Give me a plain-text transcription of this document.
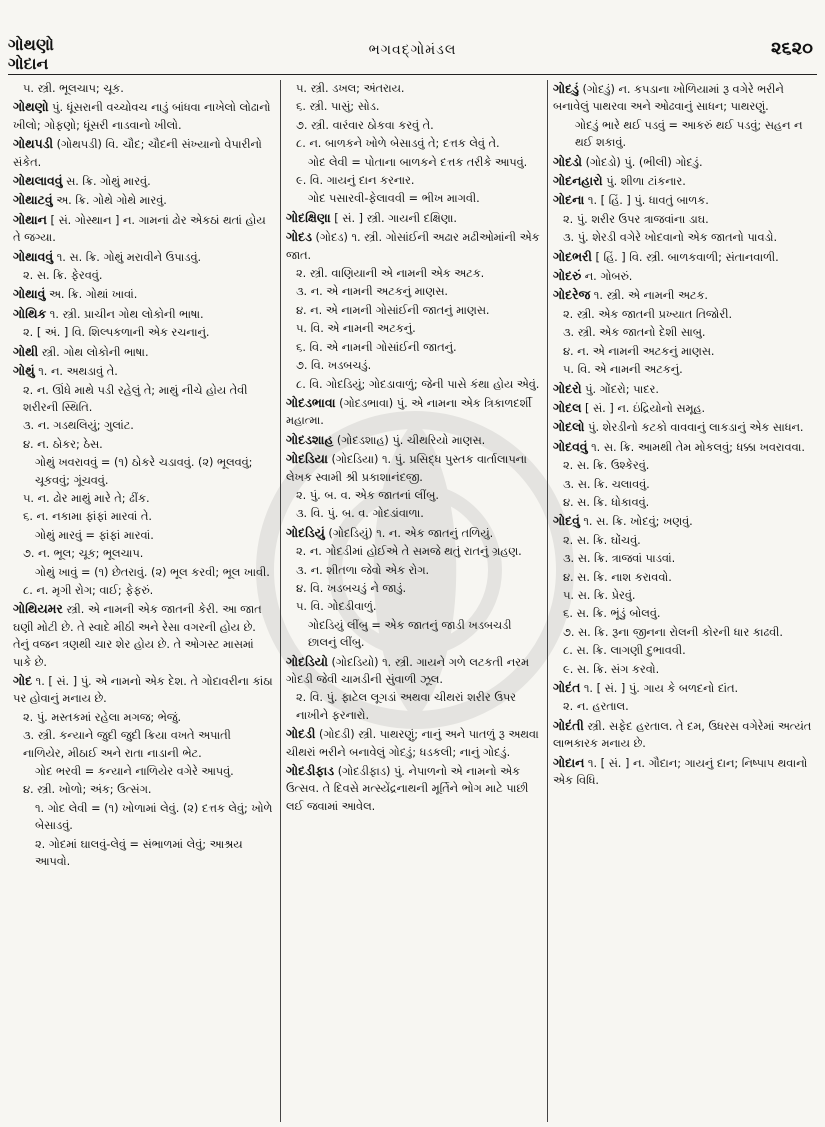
ગોથણો
ગોદાન
ભગવદ્ગોમંડલ	૨૬૨૦
૫. સ્ત્રી. ભૂલચાપ; ચૂક.
ગોથણો પું. ધૂંસરાની વચ્ચોવચ નાડું બાંધવા નાખેલો લોઢાનો ખીલો; ગોફણો; ધૂંસરી નાડવાનો ખીલો.
ગોથપડી (ગોથપડી) વિ. ચૌદ; ચૌદની સંખ્યાનો વેપારીનો સંકેત.
ગોથલાવવું સ. ક્રિ. ગોથું મારવું.
ગોથાટવું અ. ક્રિ. ગોથે ગોથે મારવું.
ગોથાન [ સં. ગોસ્થાન ] ન. ગામનાં ઢોર એકઠાં થતાં હોય તે જગ્યા.
ગોથાવવું ૧. સ. ક્રિ. ગોથું મરાવીને ઉપાડવું.
૨. સ. ક્રિ. ફેરવવું.
ગોથાવું અ. ક્રિ. ગોથાં ખાવાં.
ગોથિક ૧. સ્ત્રી. પ્રાચીન ગોથ લોકોની ભાષા.
૨. [ અં. ] વિ. શિલ્પકળાની એક રચનાનું.
ગોથી સ્ત્રી. ગોથ લોકોની ભાષા.
ગોથું ૧. ન. અથડાવું તે.
૨. ન. ઊંધે માથે પડી રહેલું તે; માથું નીચે હોય તેવી શરીરની સ્થિતિ.
૩. ન. ગડથલિયું; ગુલાંટ.
૪. ન. ઠોકર; ઠેસ.
ગોથું ખવરાવવું = (૧) ઠોકરે ચડાવવું. (૨) ભૂલવવું; ચૂકવવું; ગૂંચવવું.
૫. ન. ઢોર માથું મારે તે; ઢીંક.
૬. ન. નકામા ફાંફાં મારવાં તે.
ગોથું મારવું = ફાંફાં મારવાં.
૭. ન. ભૂલ; ચૂક; ભૂલચાપ.
ગોથું ખાવું = (૧) છેતરાવું. (૨) ભૂલ કરવી; ભૂલ ખાવી.
૮. ન. મૃગી રોગ; વાઈ; ફેફરું.
ગોથિયમર સ્ત્રી. એ નામની એક જાતની કેરી. આ જાત ઘણી મોટી છે. તે સ્વાદે મીઠી અને રેસા વગરની હોય છે. તેનું વજન ત્રણથી ચાર શેર હોય છે. તે ઓગસ્ટ માસમાં પાકે છે.
ગોદ ૧. [ સં. ] પું. એ નામનો એક દેશ. તે ગોદાવરીના કાંઠા પર હોવાનું મનાય છે.
૨. પું. મસ્તકમાં રહેલા મગજ; ભેજું.
૩. સ્ત્રી. કન્યાને જુદી જુદી ક્રિયા વખતે અપાતી નાળિયેર, મીઠાઈ અને રાતા નાડાની ભેટ.
ગોદ ભરવી = કન્યાને નાળિયેર વગેરે આપવું.
૪. સ્ત્રી. ખોળો; અંક; ઉત્સંગ.
૧. ગોદ લેવી = (૧) ખોળામાં લેવું. (૨) દત્તક લેવું; ખોળે બેસાડવું.
૨. ગોદમાં ઘાલવું-લેવું = સંભાળમાં લેવું; આશ્રય આપવો.
૫. સ્ત્રી. ડખલ; અંતરાય.
૬. સ્ત્રી. પાસું; સોડ.
૭. સ્ત્રી. વારંવાર ઠોકવા કરવું તે.
૮. ન. બાળકને ખોળે બેસાડવું તે; દત્તક લેવું તે.
ગોદ લેવી = પોતાના બાળકને દત્તક તરીકે આપવું.
૯. વિ. ગાયનું દાન કરનાર.
ગોદ પસારવી-ફેલાવવી = ભીખ માગવી.
ગોદક્ષિણા [ સં. ] સ્ત્રી. ગાયની દક્ષિણા.
ગોદડ (ગોદડ) ૧. સ્ત્રી. ગોસાંઈની અઢાર મઢીઓમાંની એક જાત.
૨. સ્ત્રી. વાણિયાની એ નામની એક અટક.
૩. ન. એ નામની અટકનું માણસ.
૪. ન. એ નામની ગોસાંઈની જાતનું માણસ.
૫. વિ. એ નામની અટકનું.
૬. વિ. એ નામની ગોસાંઈની જાતનું.
૭. વિ. ખડબચડું.
૮. વિ. ગોદડિયું; ગોદડાવાળું; જેની પાસે કંથા હોય એવું.
ગોદડભાવા (ગોદડભાવા) પું. એ નામના એક ત્રિકાળદર્શી મહાત્મા.
ગોદડશાહ (ગોદડશાહ) પું. ચીથરિયો માણસ.
ગોદડિયા (ગોદડિયા) ૧. પું. પ્રસિદ્ધ પુસ્તક વાર્તાલાપના લેખક સ્વામી શ્રી પ્રકાશાનંદજી.
૨. પું. બ. વ. એક જાતનાં લીંબુ.
૩. વિ. પું. બ. વ. ગોદડાંવાળા.
ગોદડિયું (ગોદડિયું) ૧. ન. એક જાતનું તળિયું.
૨. ન. ગોદડીમાં હોઈએ તે સમજે થતું રાતનું ગ્રહણ.
૩. ન. શીતળા જેવો એક રોગ.
૪. વિ. ખડબચડું ને જાડું.
૫. વિ. ગોદડીવાળું.
ગોદડિયું લીંબુ = એક જાતનું જાડી ખડબચડી છાલનું લીંબુ.
ગોદડિયો (ગોદડિયો) ૧. સ્ત્રી. ગાયને ગળે લટકતી નરમ ગોદડી જેવી ચામડીની સુંવાળી ઝૂલ.
૨. વિ. પું. ફાટેલ લૂગડાં અથવા ચીથરાં શરીર ઉપર નાખીને ફરનારો.
ગોદડી (ગોદડી) સ્ત્રી. પાથરણું; નાનું અને પાતળું રૂ અથવા ચીથરાં ભરીને બનાવેલું ગોદડું; ધડકલી; નાનું ગોદડું.
ગોદડીફાડ (ગોદડીફાડ) પું. નેપાળનો એ નામનો એક ઉત્સવ. તે દિવસે મત્સ્યેંદ્રનાથની મૂર્તિને ભોગ માટે પાછી લઈ જવામાં આવેલ.
ગોદડું (ગોદડું) ન. કપડાના ખોળિયામાં રૂ વગેરે ભરીને બનાવેલું પાથરવા અને ઓઢવાનું સાધન; પાથરણું.
ગોદડું ભારે થઈ પડવું = આકરું થઈ પડવું; સહન ન થઈ શકાવું.
ગોદડો (ગોદડો) પું. (ભીલી) ગોદડું.
ગોદનહારો પું. શીળા ટાંકનાર.
ગોદના ૧. [ હિં. ] પું. ધાવતું બાળક.
૨. પું. શરીર ઉપર ત્રાજવાંના ડાઘ.
૩. પું. શેરડી વગેરે ખોદવાનો એક જાતનો પાવડો.
ગોદભરી [ હિં. ] વિ. સ્ત્રી. બાળકવાળી; સંતાનવાળી.
ગોદરું ન. ગોબરું.
ગોદરેજ ૧. સ્ત્રી. એ નામની અટક.
૨. સ્ત્રી. એક જાતની પ્રખ્યાત તિજોરી.
૩. સ્ત્રી. એક જાતનો દેશી સાબુ.
૪. ન. એ નામની અટકનું માણસ.
૫. વિ. એ નામની અટકનું.
ગોદરો પું. ગોંદરો; પાદર.
ગોદલ [ સં. ] ન. ઇંદ્રિયોનો સમૂહ.
ગોદલો પું. શેરડીનો કટકો વાવવાનું લાકડાનું એક સાધન.
ગોદવવું ૧. સ. ક્રિ. આમથી તેમ મોકલવું; ધક્કા ખવરાવવા.
૨. સ. ક્રિ. ઉશ્કેરવું.
૩. સ. ક્રિ. ચલાવવું.
૪. સ. ક્રિ. ધોકાવવું.
ગોદવું ૧. સ. ક્રિ. ખોદવું; ખણવું.
૨. સ. ક્રિ. ઘોંચવું.
૩. સ. ક્રિ. ત્રાજવાં પાડવાં.
૪. સ. ક્રિ. નાશ કરાવવો.
૫. સ. ક્રિ. પ્રેરવું.
૬. સ. ક્રિ. ભૂંડું બોલવું.
૭. સ. ક્રિ. રૂના જીનના રોલની કોરની ધાર કાઢવી.
૮. સ. ક્રિ. લાગણી દુભાવવી.
૯. સ. ક્રિ. સંગ કરવો.
ગોદંત ૧. [ સં. ] પું. ગાય કે બળદનો દાંત.
૨. ન. હરતાલ.
ગોદંતી સ્ત્રી. સફેદ હરતાલ. તે દમ, ઉધરસ વગેરેમાં અત્યંત લાભકારક મનાય છે.
ગોદાન ૧. [ સં. ] ન. ગૌદાન; ગાયનું દાન; નિષ્પાપ થવાનો એક વિધિ.
